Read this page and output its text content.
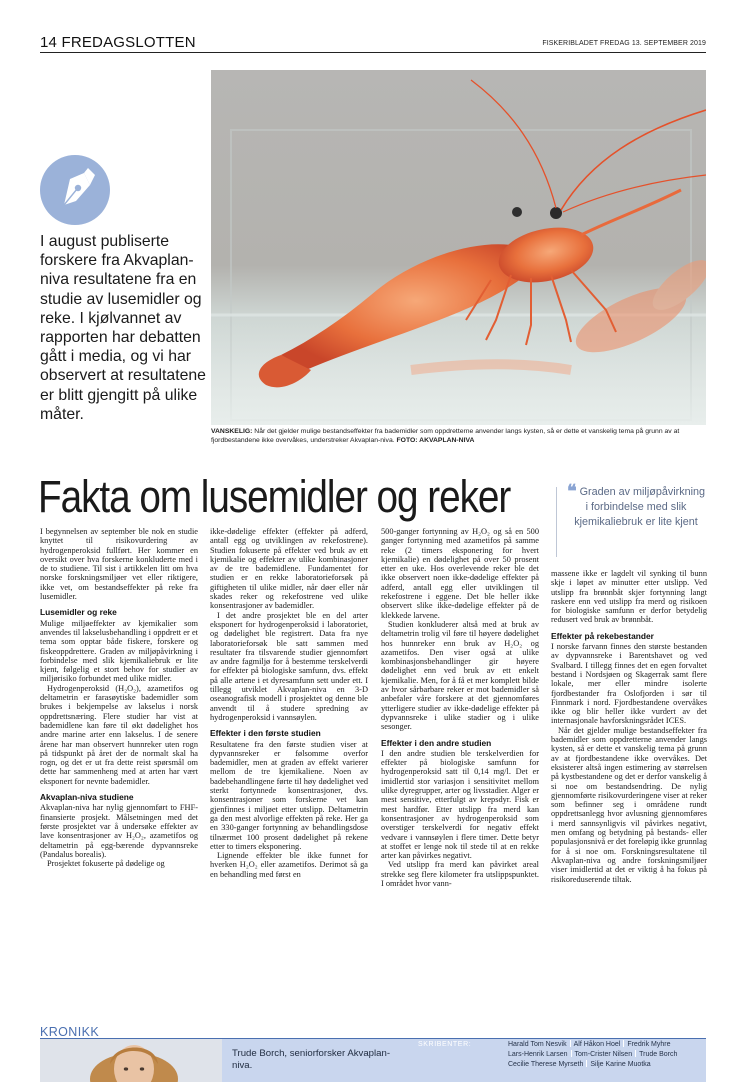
14 FREDAGSLOTTEN	FISKERIBLADET FREDAG 13. SEPTEMBER 2019
VANSKELIG: Når det gjelder mulige bestandseffekter fra bademidler som oppdretterne anvender langs kysten, så er dette et vanskelig tema på grunn av at fjordbestandene ikke overvåkes, understreker Akvaplan-niva. FOTO: AKVAPLAN-NIVA
I august publiserte forskere fra Akvaplan-niva resultatene fra en studie av lusemidler og reke. I kjølvannet av rapporten har debatten gått i media, og vi har observert at resultatene er blitt gjengitt på ulike måter.
Fakta om lusemidler og reker	❝ Graden av miljøpåvirkning i forbindelse med slik kjemikaliebruk er lite kjent

I begynnelsen av september ble nok en studie knyttet til risikovurdering av hydrogenperoksid fullført. Her kommer en oversikt over hva forskerne konkluderte med i de to studiene. Til sist i artikkelen litt om hva norske forskningsmiljøer vet eller riktigere, ikke vet, om bestandseffekter på reke fra lusemidler.

Lusemidler og reke

Mulige miljøeffekter av kjemikalier som anvendes til lakselusbehandling i oppdrett er et tema som opptar både fiskere, forskere og fiskeoppdrettere. Graden av miljøpåvirkning i forbindelse med slik kjemikaliebruk er lite kjent, følgelig et stort behov for studier av miljørisiko forbundet med ulike midler.

Hydrogenperoksid (H₂O₂), azametifos og deltametrin er farasøytiske bademidler som brukes i bekjempelse av lakselus i norsk oppdrettsnæring. Flere studier har vist at bademidlene kan føre til økt dødelighet hos andre marine arter enn lakselus. I de senere årene har man observert hunnreker uten rogn på tidspunkt på året der de normalt skal ha rogn, og det er ut fra dette reist spørsmål om dette har sammenheng med at arten har vært eksponert for nevnte bademidler.

Akvaplan-niva studiene

Akvaplan-niva har nylig gjennomført to FHF-finansierte prosjekt. Målsetningen med det første prosjektet var å undersøke effekter av lave konsentrasjoner av H₂O₂, azametifos og deltametrin på egg-bærende dypvannsreke (Pandalus borealis).

Prosjektet fokuserte på dødelige og

ikke-dødelige effekter (effekter på adferd, antall egg og utviklingen av rekefostrene). Studien fokuserte på effekter ved bruk av ett kjemikalie og effekter av ulike kombinasjoner av de tre bademidlene. Fundamentet for studien er en rekke laboratorieforsøk på giftigheten til ulike midler, når døer eller når skades reker og rekefostrene ved ulike konsentrasjoner av bademidler.

I det andre prosjektet ble en del arter eksponert for hydrogenperoksid i laboratoriet, og dødelighet ble registrert. Data fra nye laboratorieforsøk ble satt sammen med resultater fra tilsvarende studier gjennomført av andre fagmiljø for å bestemme terskelverdi for effekter på biologiske samfunn, dvs. effekt på alle artene i et dyresamfunn sett under ett. I tillegg utviklet Akvaplan-niva en 3-D oseanografisk modell i prosjektet og denne ble anvendt til å studere spredning av hydrogenperoksid i vannsøylen.

Effekter i den første studien

Resultatene fra den første studien viser at dypvannsreker er følsomme overfor bademidler, men at graden av effekt varierer mellom de tre kjemikaliene. Noen av badebehandlingene førte til høy dødelighet ved sterkt fortynnede konsentrasjoner, dvs. konsentrasjoner som forskerne vet kan gjenfinnes i miljøet etter utslipp. Deltametrin ga den mest alvorlige effekten på reke. Her ga en 330-ganger fortynning av behandlingsdose tilnærmet 100 prosent dødelighet på rekene etter to timers eksponering.

Lignende effekter ble ikke funnet for hverken H₂O₂ eller azametifos. Derimot så ga en behandling med først en

500-ganger fortynning av H₂O₂ og så en 500 ganger fortynning med azametifos på samme reke (2 timers eksponering for hvert kjemikalie) en dødelighet på over 50 prosent etter en uke. Hos overlevende reker ble det ikke observert noen ikke-dødelige effekter på adferd, antall egg eller utviklingen til rekefostrene i eggene. Det ble heller ikke observert slike ikke-dødelige effekter på de klekkede larvene.

Studien konkluderer altså med at bruk av deltametrin trolig vil føre til høyere dødelighet hos hunnreker enn bruk av H₂O₂ og azametifos. Den viser også at ulike kombinasjonsbehandlinger gir høyere dødelighet enn ved bruk av ett enkelt kjemikalie. Men, for å få et mer komplett bilde av hvor sårbarbare reker er mot bademidler så anbefaler våre forskere at det gjennomføres ytterligere studier av ikke-dødelige effekter på dypvannsreke i ulike stadier og i ulike sesonger.

Effekter i den andre studien

I den andre studien ble terskelverdien for effekter på biologiske samfunn for hydrogenperoksid satt til 0,14 mg/l. Det er imidlertid stor variasjon i sensitivitet mellom ulike dyregrupper, arter og livsstadier. Alger er mest sensitive, etterfulgt av krepsdyr. Fisk er mest hardfør. Etter utslipp fra merd kan konsentrasjoner av hydrogenperoksid som overstiger terskelverdi for negativ effekt vedvare i vannsøylen i flere timer. Dette betyr at stoffet er lenge nok til stede til at en rekke arter kan påvirkes negativt.

Ved utslipp fra merd kan påvirket areal strekke seg flere kilometer fra utslippspunktet. I området hvor vann-

massene ikke er lagdelt vil synking til bunn skje i løpet av minutter etter utslipp. Ved utslipp fra brønnbåt skjer fortynning langt raskere enn ved utslipp fra merd og risikoen for biologiske samfunn er derfor betydelig redusert ved bruk av brønnbåt.

Effekter på rekebestander

I norske farvann finnes den største bestanden av dypvannsreke i Barentshavet og ved Svalbard. I tillegg finnes det en egen forvaltet bestand i Nordsjøen og Skagerrak samt flere lokale, mer eller mindre isolerte fjordbestander fra Oslofjorden i sør til Finnmark i nord. Fjordbestandene overvåkes ikke og blir heller ikke vurdert av det internasjonale havforskningsrådet ICES.

Når det gjelder mulige bestandseffekter fra bademidler som oppdretterne anvender langs kysten, så er dette et vanskelig tema på grunn av at fjordbestandene ikke overvåkes. Det eksisterer altså ingen estimering av størrelsen på kystbestandene og det er derfor vanskelig å si noe om bestandsendring. De nylig gjennomførte risikovurderingene viser at reker som befinner seg i områdene rundt oppdrettsanlegg hvor avlusning gjennomføres i merd sannsynligvis vil påvirkes negativt, men omfang og betydning på bestands- eller populasjonsnivå er det foreløpig ikke grunnlag for å si noe om. Forskningsresultatene til Akvaplan-niva og andre forskningsmiljøer viser imidlertid at det er viktig å ha fokus på risikoreduserende tiltak.

KRONIKK
Trude Borch, seniorforsker Akvaplan-niva.
SKRIBENTER:	Harald Tom Nesvik Alf Håkon Hoel Fredrik Myhre
Lars-Henrik Larsen Tom-Crister Nilsen Trude Borch
Cecilie Therese Myrseth Silje Karine Muotka
